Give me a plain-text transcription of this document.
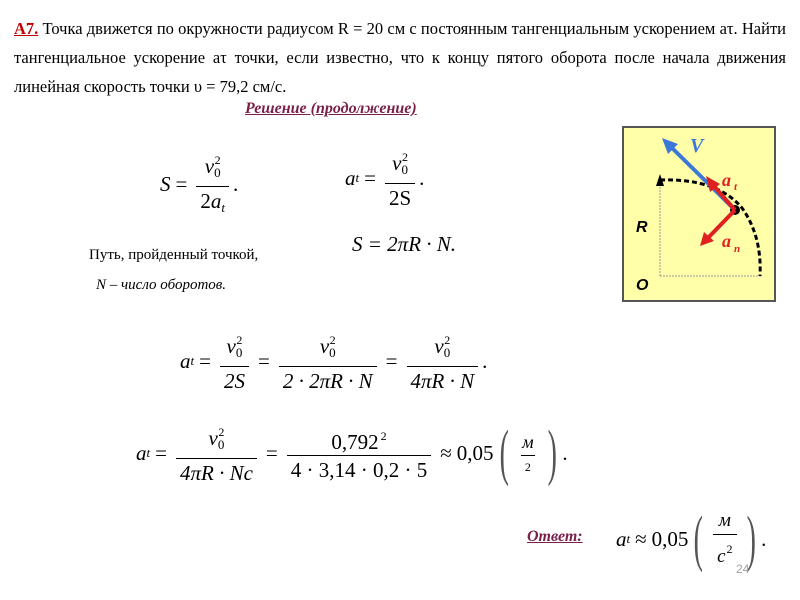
А7. Точка движется по окружности радиусом R = 20 см с постоянным тангенциальным ускорением aτ. Найти тангенциальное ускорение aτ точки, если известно, что к концу пятого оборота после начала движения линейная скорость точки υ = 79,2 см/с.
Решение (продолжение)
$S = \frac{v_0^2}{2a_t}$ .	a $t = \frac{v_0^2}{2S}$ .
Путь, пройденный точкой,	S = 2πR · N.
N – число оборотов.
V
a t
a n
R
O
a $t = \frac{v_0^2}{2S} = \frac{v_0^2}{2 \cdot 2\pi R \cdot N} = \frac{v_0^2}{4\pi R \cdot N}$ .
a $t = \frac{v_0^2}{4\pi R \cdot Nc} = \frac{0,792 ^2}{4 \cdot 3,14 \cdot 0,2 \cdot 5} \approx 0,05$ ( $\frac{м}{2}$ ) .
Ответ: a t ≈ 0,05 ( $\frac{м}{с^2}$ ) .
24
